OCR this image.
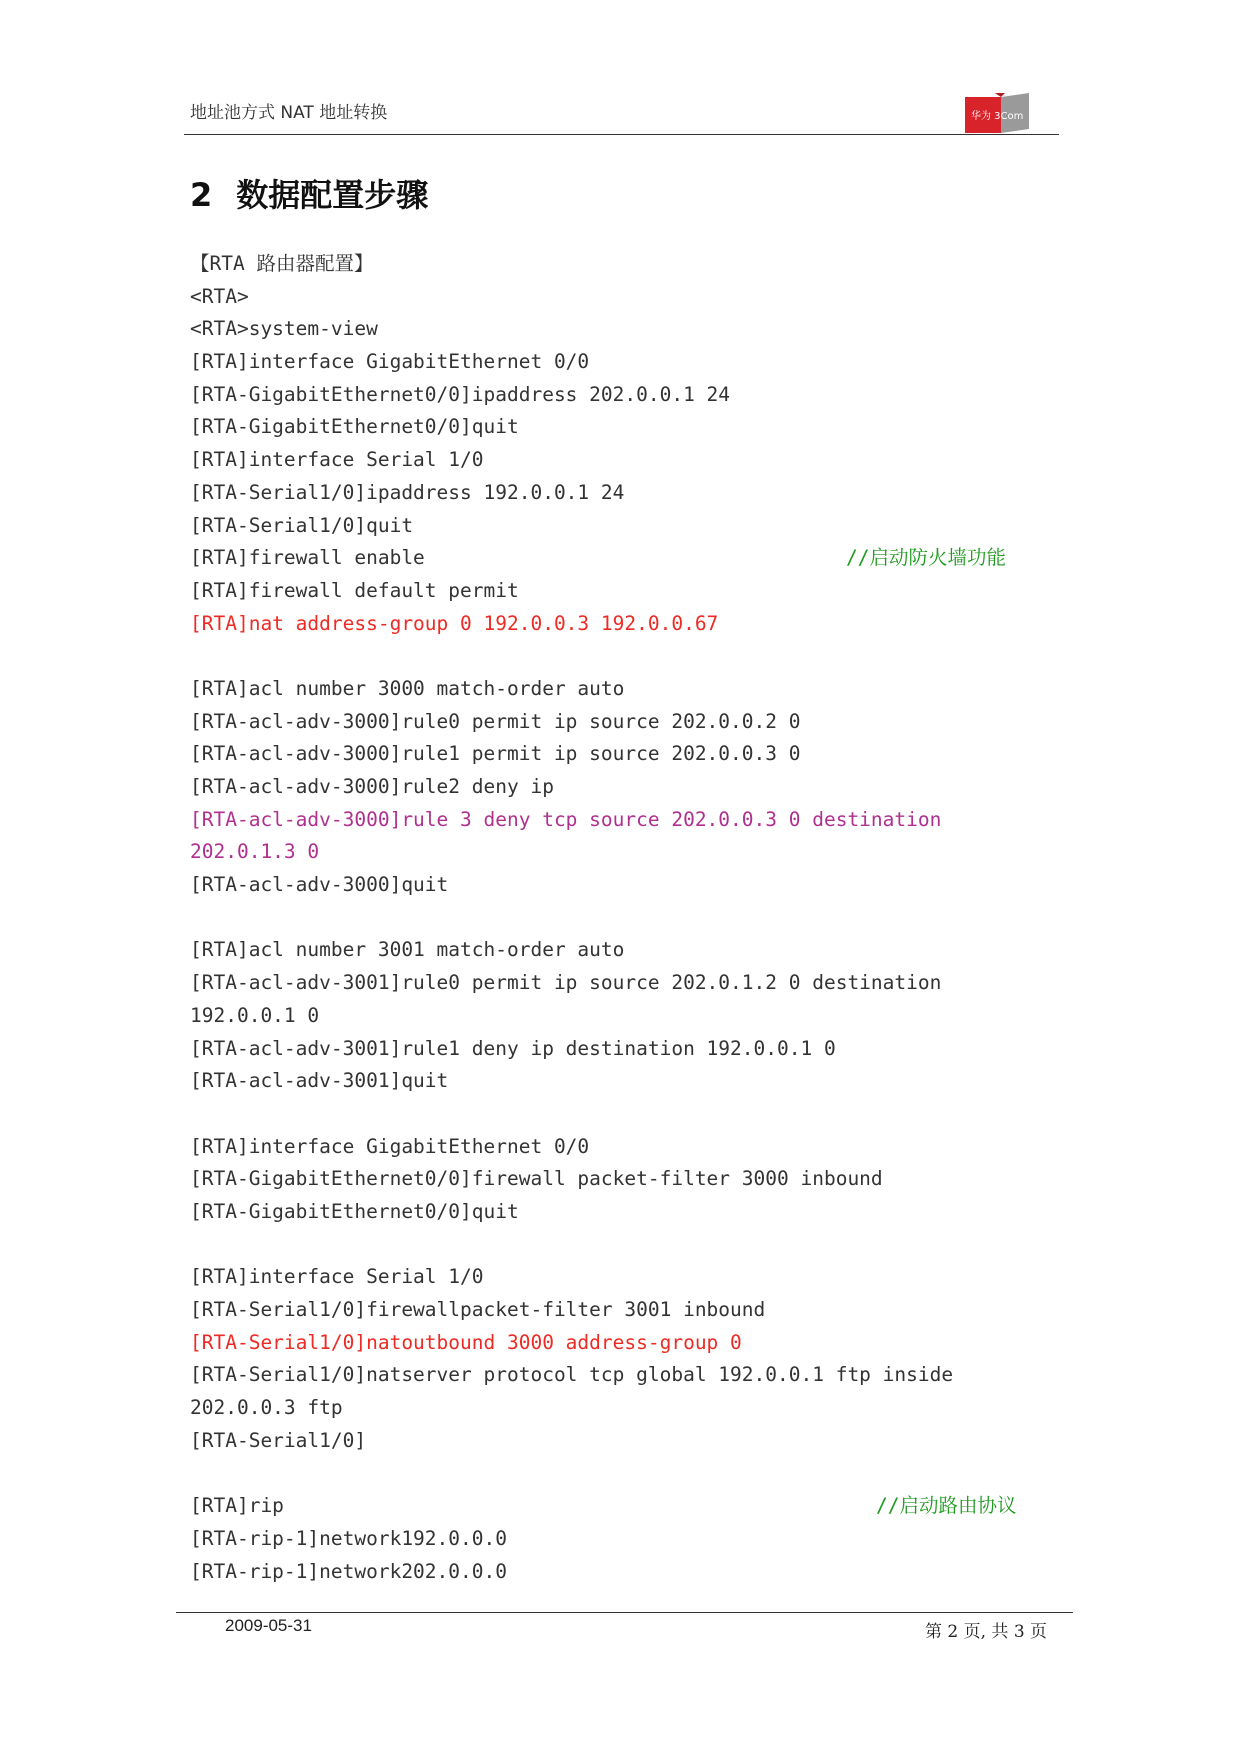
地址池方式 NAT 地址转换	华为 3Com
2 数据配置步骤
【RTA 路由器配置】
<RTA>
<RTA>system-view
[RTA]interface GigabitEthernet 0/0
[RTA-GigabitEthernet0/0]ipaddress 202.0.0.1 24
[RTA-GigabitEthernet0/0]quit
[RTA]interface Serial 1/0
[RTA-Serial1/0]ipaddress 192.0.0.1 24
[RTA-Serial1/0]quit
[RTA]firewall enable	//启动防火墙功能
[RTA]firewall default permit
[RTA]nat address-group 0 192.0.0.3 192.0.0.67
[RTA]acl number 3000 match-order auto
[RTA-acl-adv-3000]rule0 permit ip source 202.0.0.2 0
[RTA-acl-adv-3000]rule1 permit ip source 202.0.0.3 0
[RTA-acl-adv-3000]rule2 deny ip
[RTA-acl-adv-3000]rule 3 deny tcp source 202.0.0.3 0 destination
202.0.1.3 0
[RTA-acl-adv-3000]quit
[RTA]acl number 3001 match-order auto
[RTA-acl-adv-3001]rule0 permit ip source 202.0.1.2 0 destination
192.0.0.1 0
[RTA-acl-adv-3001]rule1 deny ip destination 192.0.0.1 0
[RTA-acl-adv-3001]quit
[RTA]interface GigabitEthernet 0/0
[RTA-GigabitEthernet0/0]firewall packet-filter 3000 inbound
[RTA-GigabitEthernet0/0]quit
[RTA]interface Serial 1/0
[RTA-Serial1/0]firewallpacket-filter 3001 inbound
[RTA-Serial1/0]natoutbound 3000 address-group 0
[RTA-Serial1/0]natserver protocol tcp global 192.0.0.1 ftp inside
202.0.0.3 ftp
[RTA-Serial1/0]
[RTA]rip	//启动路由协议
[RTA-rip-1]network192.0.0.0
[RTA-rip-1]network202.0.0.0
2009-05-31	第 2 页, 共 3 页
